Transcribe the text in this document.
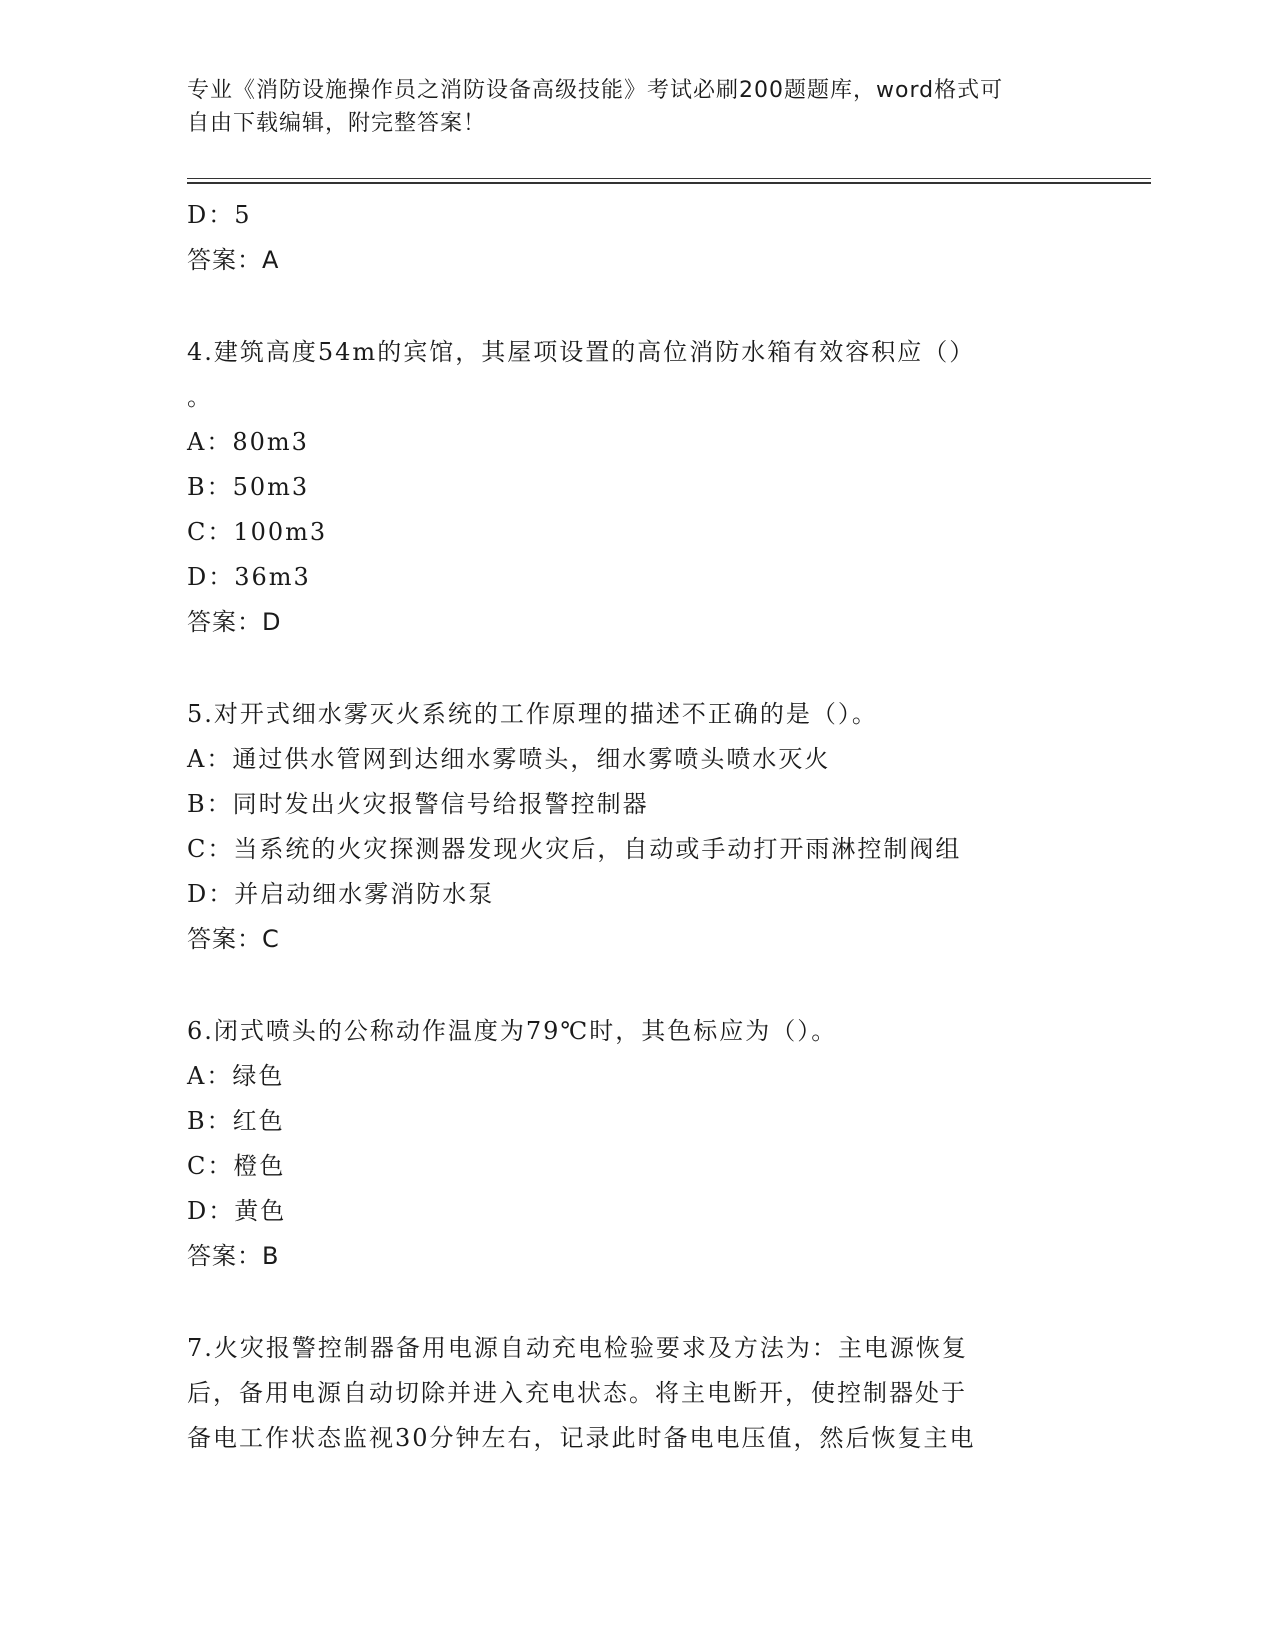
专业《消防设施操作员之消防设备高级技能》考试必刷200题题库，word格式可
自由下载编辑，附完整答案！
D：5
答案：A
4.建筑高度54m的宾馆，其屋项设置的高位消防水箱有效容积应（）
。
A：80m3
B：50m3
C：100m3
D：36m3
答案：D
5.对开式细水雾灭火系统的工作原理的描述不正确的是（）。
A：通过供水管网到达细水雾喷头，细水雾喷头喷水灭火
B：同时发出火灾报警信号给报警控制器
C：当系统的火灾探测器发现火灾后，自动或手动打开雨淋控制阀组
D：并启动细水雾消防水泵
答案：C
6.闭式喷头的公称动作温度为79℃时，其色标应为（）。
A：绿色
B：红色
C：橙色
D：黄色
答案：B
7.火灾报警控制器备用电源自动充电检验要求及方法为：主电源恢复
后，备用电源自动切除并进入充电状态。将主电断开，使控制器处于
备电工作状态监视30分钟左右，记录此时备电电压值，然后恢复主电
